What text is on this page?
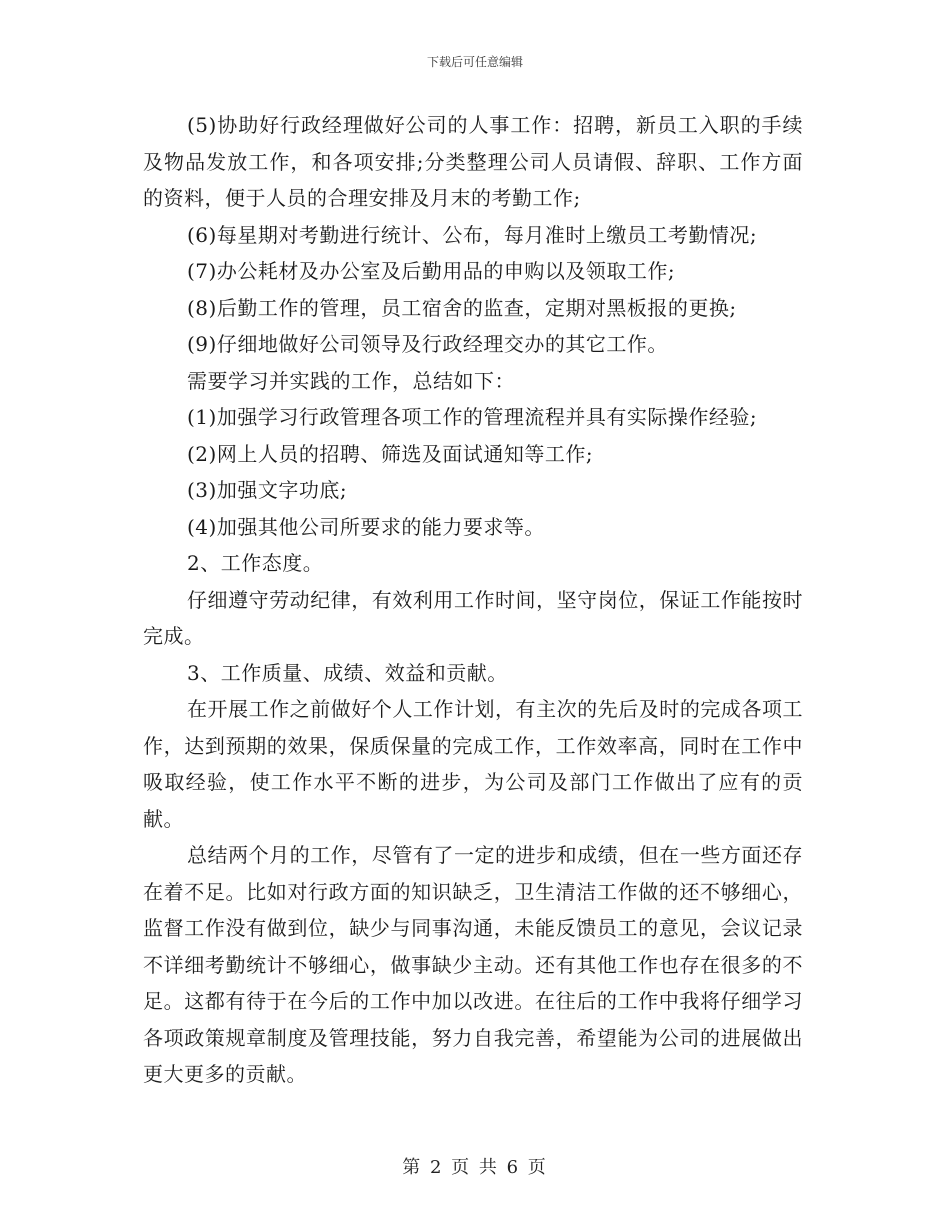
下载后可任意编辑

(5)协助好行政经理做好公司的人事工作：招聘，新员工入职的手续及物品发放工作，和各项安排;分类整理公司人员请假、辞职、工作方面的资料，便于人员的合理安排及月末的考勤工作;

(6)每星期对考勤进行统计、公布，每月准时上缴员工考勤情况;

(7)办公耗材及办公室及后勤用品的申购以及领取工作;

(8)后勤工作的管理，员工宿舍的监查，定期对黑板报的更换;

(9)仔细地做好公司领导及行政经理交办的其它工作。

需要学习并实践的工作，总结如下：

(1)加强学习行政管理各项工作的管理流程并具有实际操作经验;

(2)网上人员的招聘、筛选及面试通知等工作;

(3)加强文字功底;

(4)加强其他公司所要求的能力要求等。

2、工作态度。

仔细遵守劳动纪律，有效利用工作时间，坚守岗位，保证工作能按时完成。

3、工作质量、成绩、效益和贡献。

在开展工作之前做好个人工作计划，有主次的先后及时的完成各项工作，达到预期的效果，保质保量的完成工作，工作效率高，同时在工作中吸取经验，使工作水平不断的进步，为公司及部门工作做出了应有的贡献。

总结两个月的工作，尽管有了一定的进步和成绩，但在一些方面还存在着不足。比如对行政方面的知识缺乏，卫生清洁工作做的还不够细心，监督工作没有做到位，缺少与同事沟通，未能反馈员工的意见，会议记录不详细考勤统计不够细心，做事缺少主动。还有其他工作也存在很多的不足。这都有待于在今后的工作中加以改进。在往后的工作中我将仔细学习各项政策规章制度及管理技能，努力自我完善，希望能为公司的进展做出更大更多的贡献。

第 2 页 共 6 页
